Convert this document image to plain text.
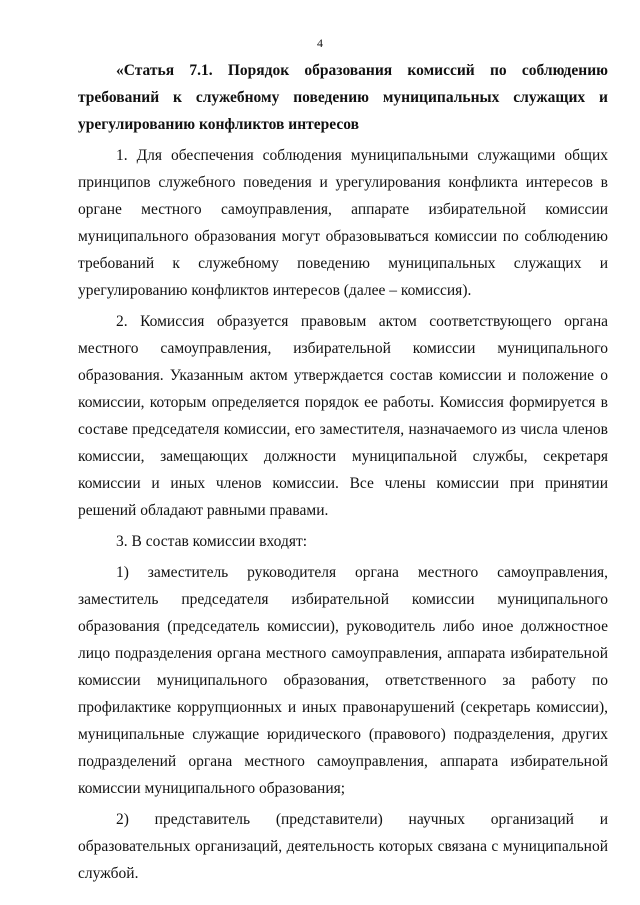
4

«Статья 7.1. Порядок образования комиссий по соблюдению требований к служебному поведению муниципальных служащих и урегулированию конфликтов интересов

1. Для обеспечения соблюдения муниципальными служащими общих принципов служебного поведения и урегулирования конфликта интересов в органе местного самоуправления, аппарате избирательной комиссии муниципального образования могут образовываться комиссии по соблюдению требований к служебному поведению муниципальных служащих и урегулированию конфликтов интересов (далее – комиссия).

2. Комиссия образуется правовым актом соответствующего органа местного самоуправления, избирательной комиссии муниципального образования. Указанным актом утверждается состав комиссии и положение о комиссии, которым определяется порядок ее работы. Комиссия формируется в составе председателя комиссии, его заместителя, назначаемого из числа членов комиссии, замещающих должности муниципальной службы, секретаря комиссии и иных членов комиссии. Все члены комиссии при принятии решений обладают равными правами.

3. В состав комиссии входят:

1) заместитель руководителя органа местного самоуправления, заместитель председателя избирательной комиссии муниципального образования (председатель комиссии), руководитель либо иное должностное лицо подразделения органа местного самоуправления, аппарата избирательной комиссии муниципального образования, ответственного за работу по профилактике коррупционных и иных правонарушений (секретарь комиссии), муниципальные служащие юридического (правового) подразделения, других подразделений органа местного самоуправления, аппарата избирательной комиссии муниципального образования;

2) представитель (представители) научных организаций и образовательных организаций, деятельность которых связана с муниципальной службой.
